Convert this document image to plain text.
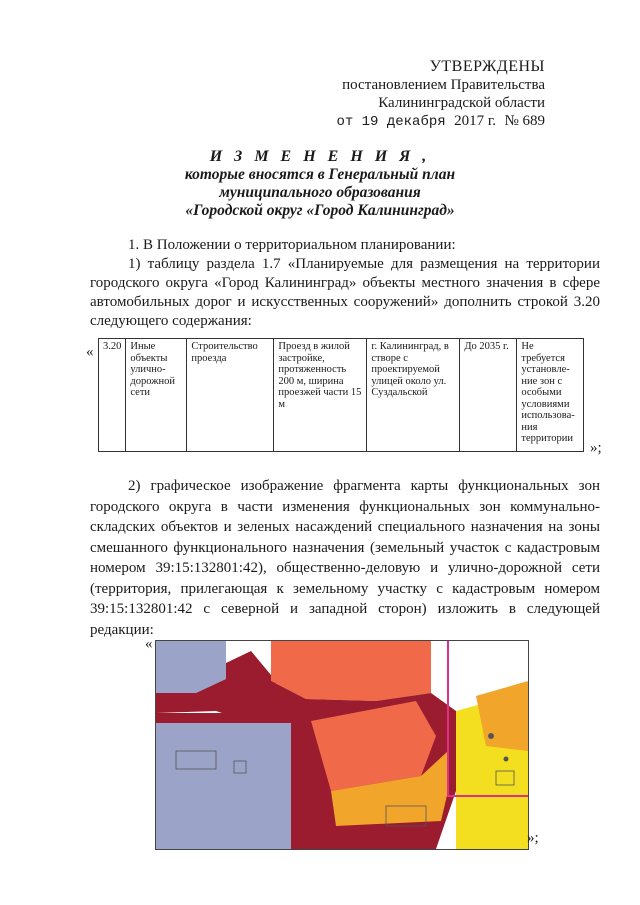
УТВЕРЖДЕНЫ
постановлением Правительства
Калининградской области
от 19 декабря 2017 г. № 689
И З М Е Н Е Н И Я ,
которые вносятся в Генеральный план
муниципального образования
«Городской округ «Город Калининград»
1. В Положении о территориальном планировании:
1) таблицу раздела 1.7 «Планируемые для размещения на территории городского округа «Город Калининград» объекты местного значения в сфере автомобильных дорог и искусственных сооружений» дополнить строкой 3.20 следующего содержания:
« 3.20	Иные объекты улично-дорожной сети	Строительство проезда	Проезд в жилой застройке, протяженность 200 м, ширина проезжей части 15 м	г. Калининград, в створе с проектируемой улицей около ул. Суздальской	До 2035 г.	Не требуется установле-ние зон с особыми условиями использова-ния территории
»;
2) графическое изображение фрагмента карты функциональных зон городского округа в части изменения функциональных зон коммунально-складских объектов и зеленых насаждений специального назначения на зоны смешанного функционального назначения (земельный участок с кадастровым номером 39:15:132801:42), общественно-деловую и улично-дорожной сети (территория, прилегающая к земельному участку с кадастровым номером 39:15:132801:42 с северной и западной сторон) изложить в следующей редакции:
«
»;
